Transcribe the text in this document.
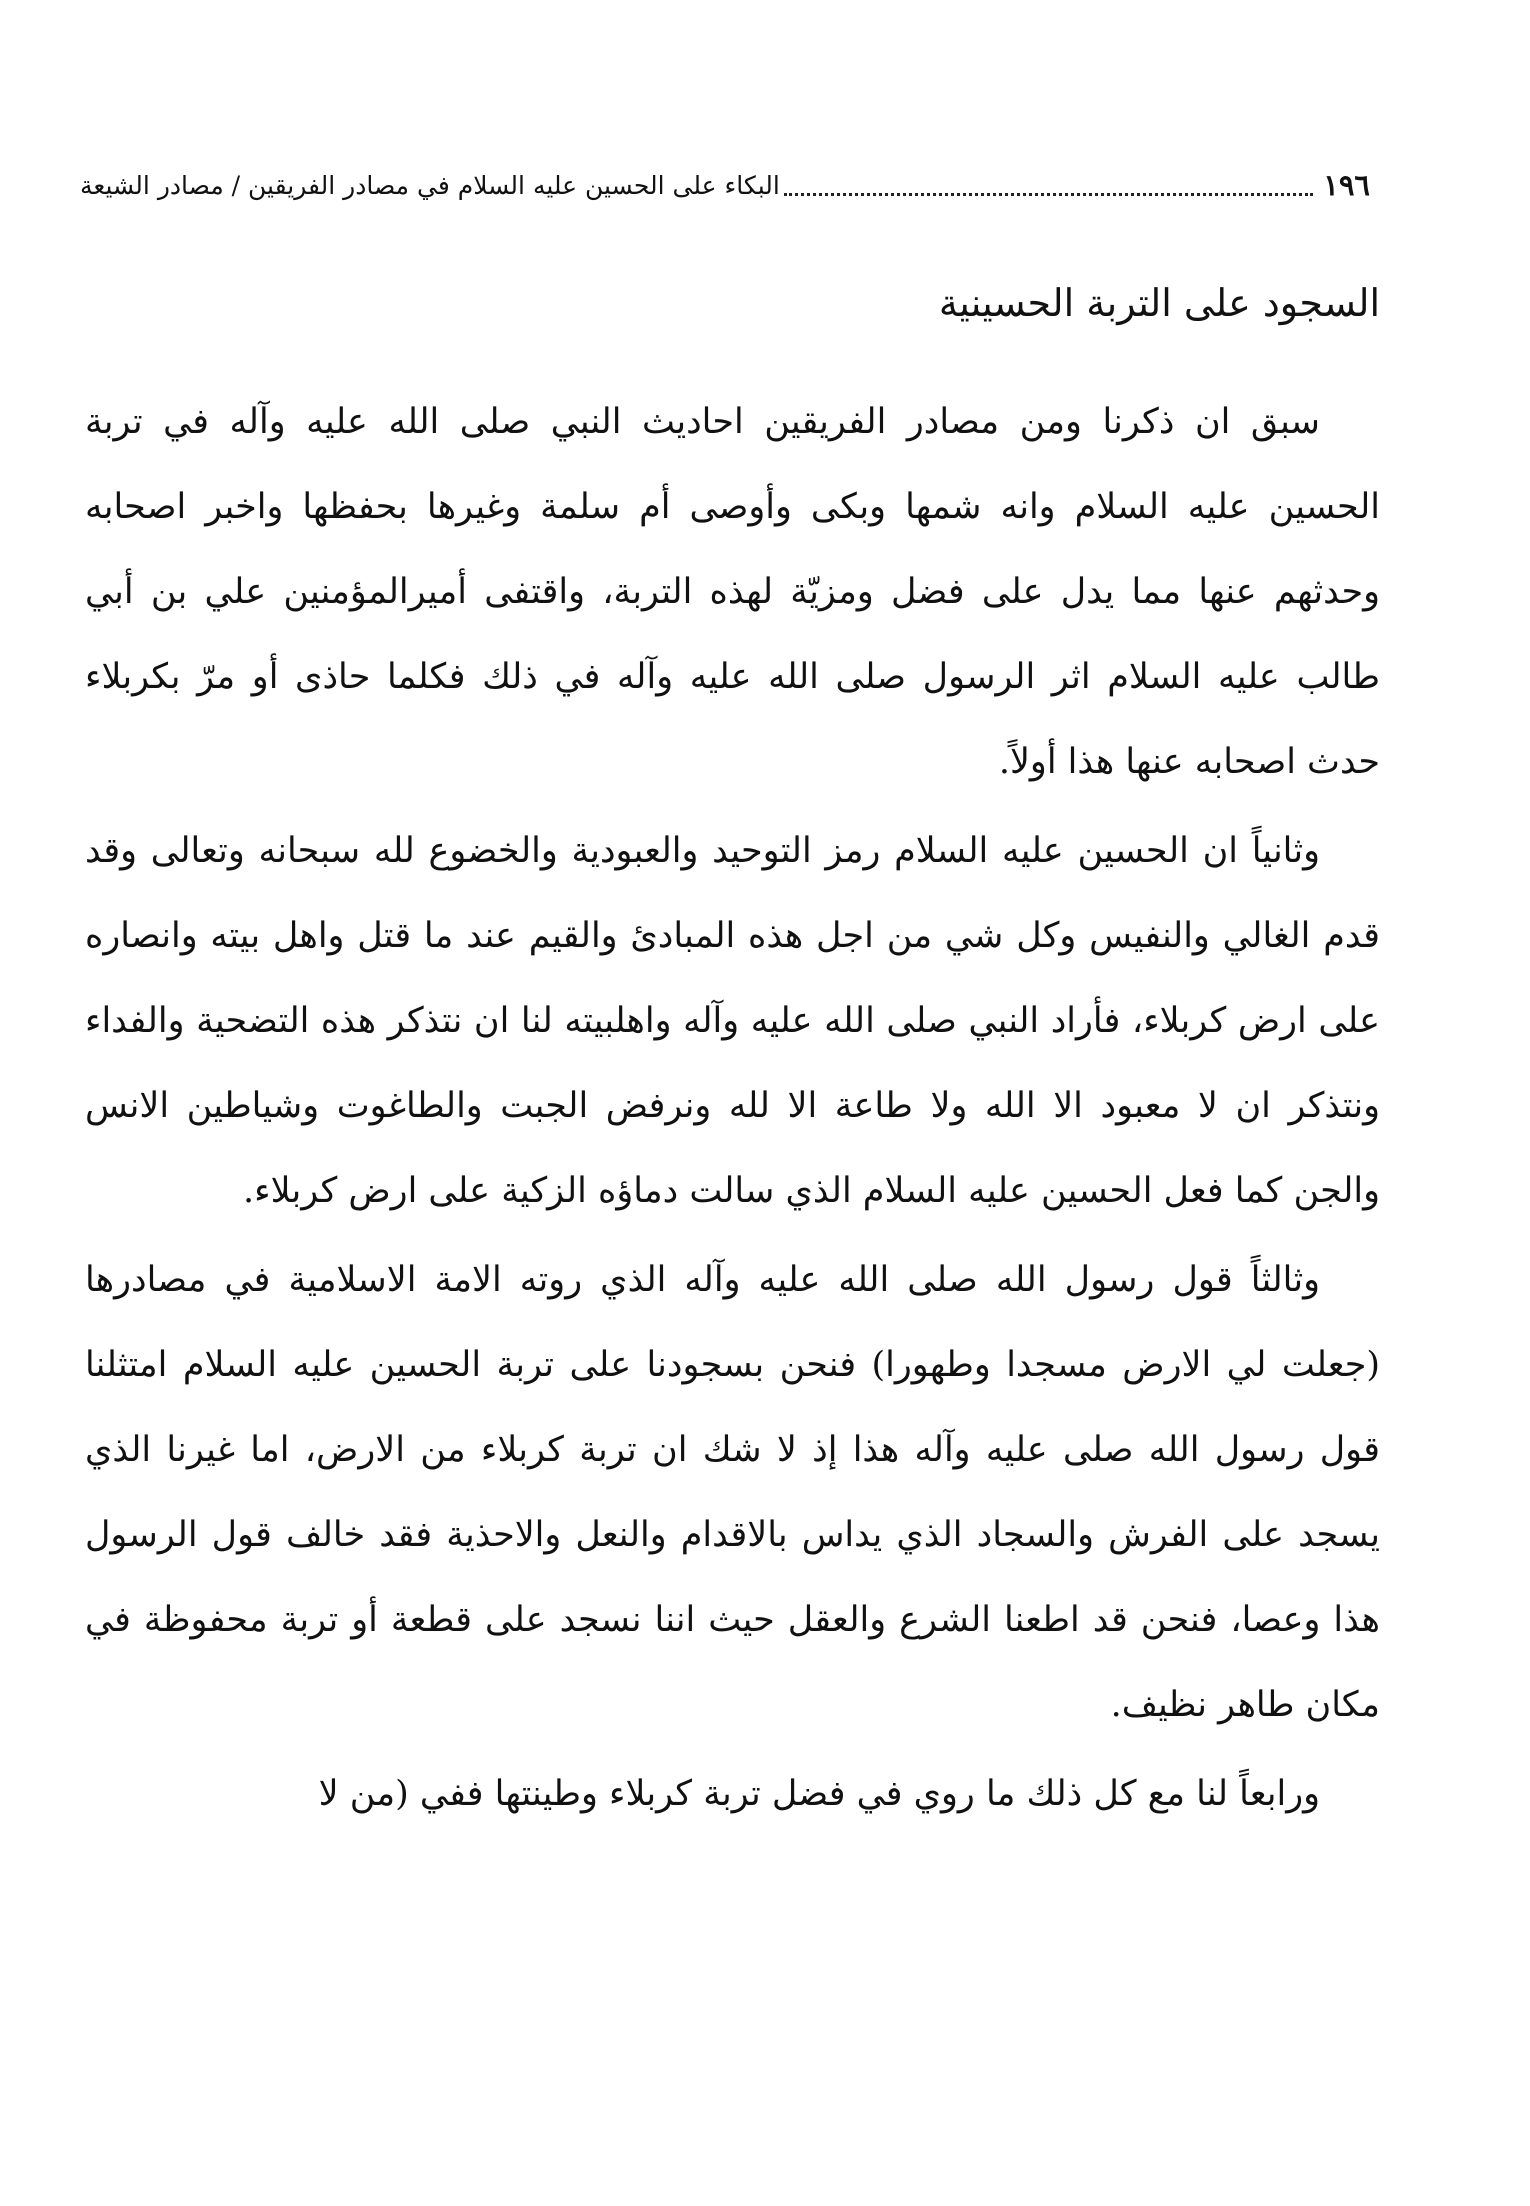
١٩٦
البكاء على الحسين عليه السلام في مصادر الفريقين / مصادر الشيعة
السجود على التربة الحسينية

سبق ان ذكرنا ومن مصادر الفريقين احاديث النبي صلى الله عليه وآله في تربة الحسين عليه السلام وانه شمها وبكى وأوصى أم سلمة وغيرها بحفظها واخبر اصحابه وحدثهم عنها مما يدل على فضل ومزيّة لهذه التربة، واقتفى أميرالمؤمنين علي بن أبي طالب عليه السلام اثر الرسول صلى الله عليه وآله في ذلك فكلما حاذى أو مرّ بكربلاء حدث اصحابه عنها هذا أولاً.

وثانياً ان الحسين عليه السلام رمز التوحيد والعبودية والخضوع لله سبحانه وتعالى وقد قدم الغالي والنفيس وكل شي من اجل هذه المبادئ والقيم عند ما قتل واهل بيته وانصاره على ارض كربلاء، فأراد النبي صلى الله عليه وآله واهلبيته لنا ان نتذكر هذه التضحية والفداء ونتذكر ان لا معبود الا الله ولا طاعة الا لله ونرفض الجبت والطاغوت وشياطين الانس والجن كما فعل الحسين عليه السلام الذي سالت دماؤه الزكية على ارض كربلاء.

وثالثاً قول رسول الله صلى الله عليه وآله الذي روته الامة الاسلامية في مصادرها (جعلت لي الارض مسجدا وطهورا) فنحن بسجودنا على تربة الحسين عليه السلام امتثلنا قول رسول الله صلى عليه وآله هذا إذ لا شك ان تربة كربلاء من الارض، اما غيرنا الذي يسجد على الفرش والسجاد الذي يداس بالاقدام والنعل والاحذية فقد خالف قول الرسول هذا وعصا، فنحن قد اطعنا الشرع والعقل حيث اننا نسجد على قطعة أو تربة محفوظة في مكان طاهر نظيف.

ورابعاً لنا مع كل ذلك ما روي في فضل تربة كربلاء وطينتها ففي (من لا
